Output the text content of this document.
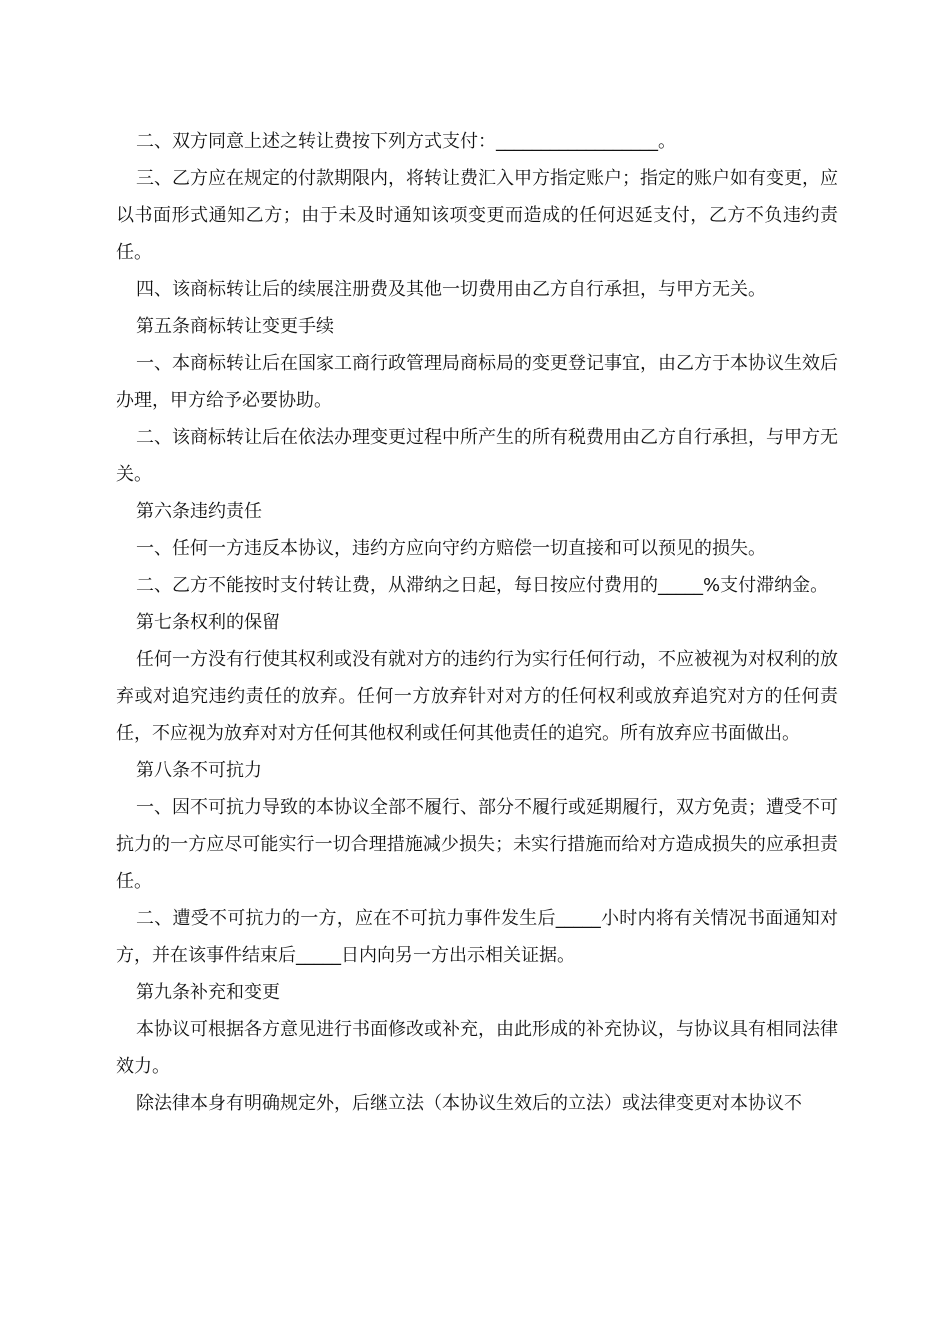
二、双方同意上述之转让费按下列方式支付：__________________。

三、乙方应在规定的付款期限内，将转让费汇入甲方指定账户；指定的账户如有变更，应以书面形式通知乙方；由于未及时通知该项变更而造成的任何迟延支付，乙方不负违约责任。

四、该商标转让后的续展注册费及其他一切费用由乙方自行承担，与甲方无关。

第五条商标转让变更手续

一、本商标转让后在国家工商行政管理局商标局的变更登记事宜，由乙方于本协议生效后办理，甲方给予必要协助。

二、该商标转让后在依法办理变更过程中所产生的所有税费用由乙方自行承担，与甲方无关。

第六条违约责任

一、任何一方违反本协议，违约方应向守约方赔偿一切直接和可以预见的损失。

二、乙方不能按时支付转让费，从滞纳之日起，每日按应付费用的_____%支付滞纳金。

第七条权利的保留

任何一方没有行使其权利或没有就对方的违约行为实行任何行动，不应被视为对权利的放弃或对追究违约责任的放弃。任何一方放弃针对对方的任何权利或放弃追究对方的任何责任，不应视为放弃对对方任何其他权利或任何其他责任的追究。所有放弃应书面做出。

第八条不可抗力

一、因不可抗力导致的本协议全部不履行、部分不履行或延期履行，双方免责；遭受不可抗力的一方应尽可能实行一切合理措施减少损失；未实行措施而给对方造成损失的应承担责任。

二、遭受不可抗力的一方，应在不可抗力事件发生后_____小时内将有关情况书面通知对方，并在该事件结束后_____日内向另一方出示相关证据。

第九条补充和变更

本协议可根据各方意见进行书面修改或补充，由此形成的补充协议，与协议具有相同法律效力。

除法律本身有明确规定外，后继立法（本协议生效后的立法）或法律变更对本协议不
